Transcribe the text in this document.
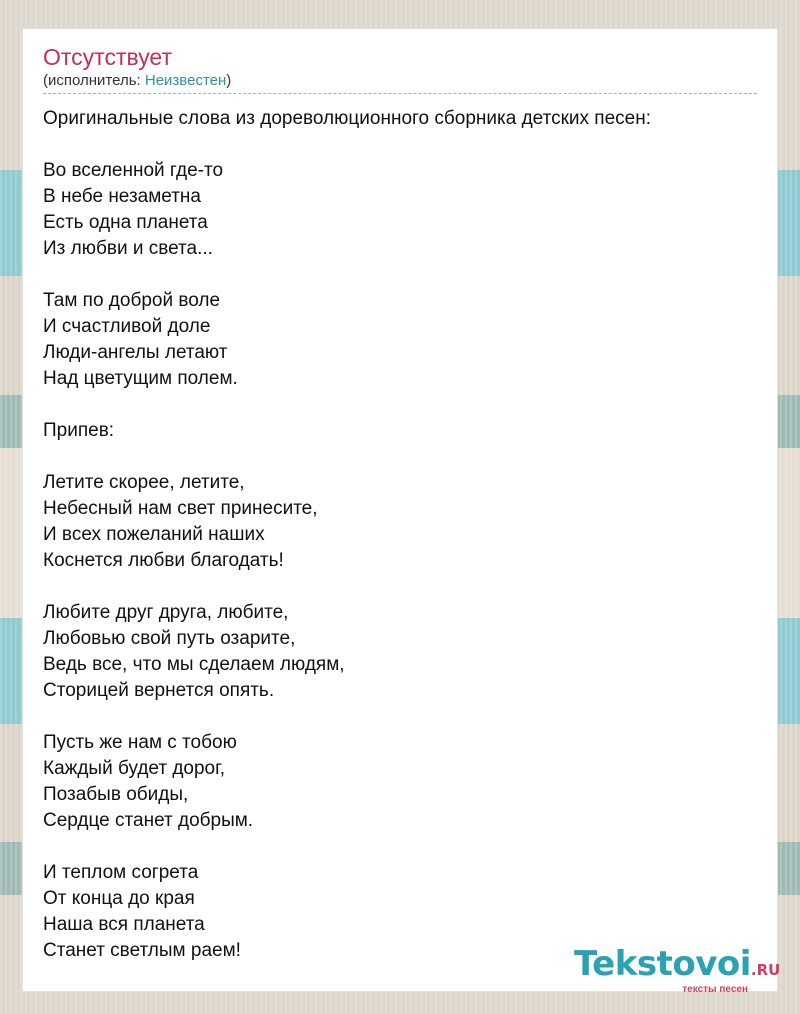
Отсутствует
(исполнитель: Неизвестен)
Оригинальные слова из дореволюционного сборника детских песен:
Во вселенной где-то
В небе незаметна
Есть одна планета
Из любви и света...
Там по доброй воле
И счастливой доле
Люди-ангелы летают
Над цветущим полем.
Припев:
Летите скорее, летите,
Небесный нам свет принесите,
И всех пожеланий наших
Коснется любви благодать!
Любите друг друга, любите,
Любовью свой путь озарите,
Ведь все, что мы сделаем людям,
Сторицей вернется опять.
Пусть же нам с тобою
Каждый будет дорог,
Позабыв обиды,
Сердце станет добрым.
И теплом согрета
От конца до края
Наша вся планета
Станет светлым раем!	Tekstovoi.RU
тексты песен
